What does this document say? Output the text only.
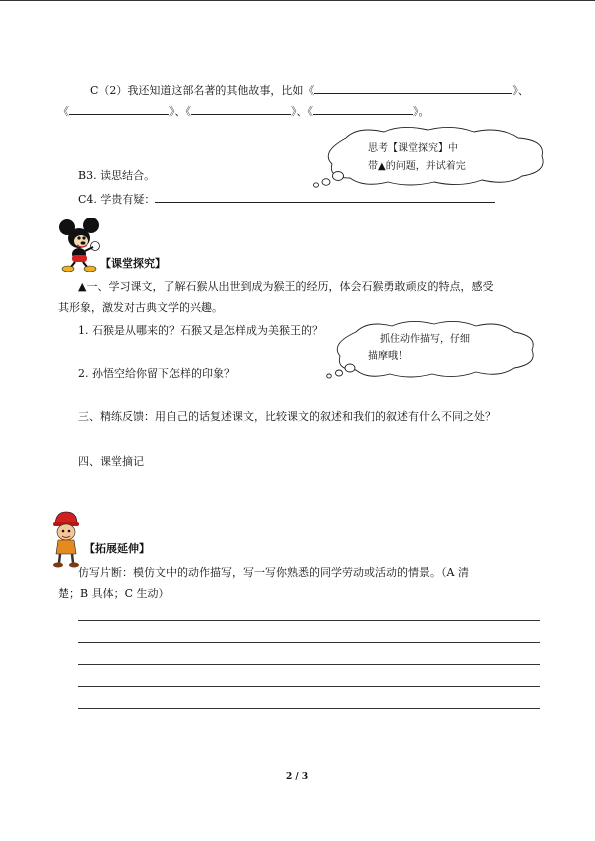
C（2）我还知道这部名著的其他故事，比如《	》、
《	》、《	》、《	》。
思考【课堂探究】中
带▲的问题，并试着完
B3. 读思结合。
C4. 学贵有疑：
【课堂探究】
▲一、学习课文，了解石猴从出世到成为猴王的经历，体会石猴勇敢顽皮的特点，感受
其形象，激发对古典文学的兴趣。
1. 石猴是从哪来的？石猴又是怎样成为美猴王的？
抓住动作描写，仔细
描摩哦！
2. 孙悟空给你留下怎样的印象？
三、精练反馈：用自己的话复述课文，比较课文的叙述和我们的叙述有什么不同之处？
四、课堂摘记
【拓展延伸】
仿写片断：模仿文中的动作描写，写一写你熟悉的同学劳动或活动的情景。（A 清
楚；B 具体；C 生动）
2 / 3
